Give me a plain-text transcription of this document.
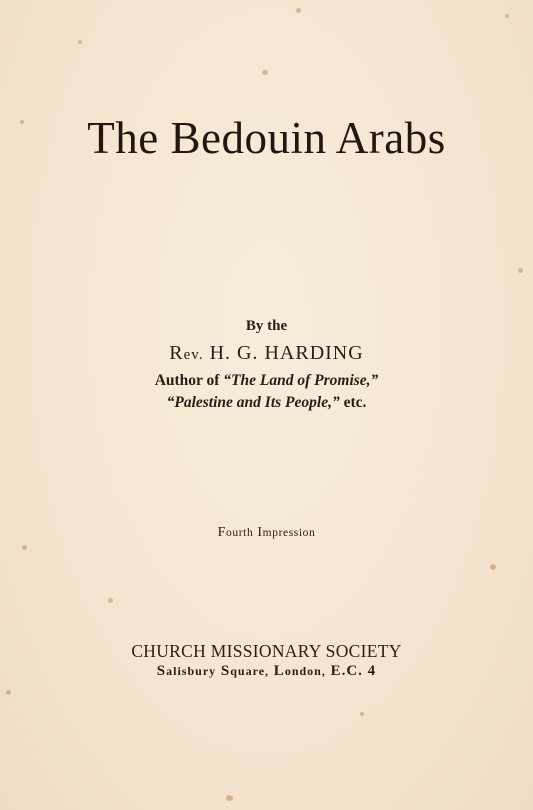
The Bedouin Arabs
By the
Rev. H. G. HARDING
Author of “The Land of Promise,”
“Palestine and Its People,” etc.
Fourth Impression
CHURCH MISSIONARY SOCIETY
Salisbury Square, London, E.C. 4
